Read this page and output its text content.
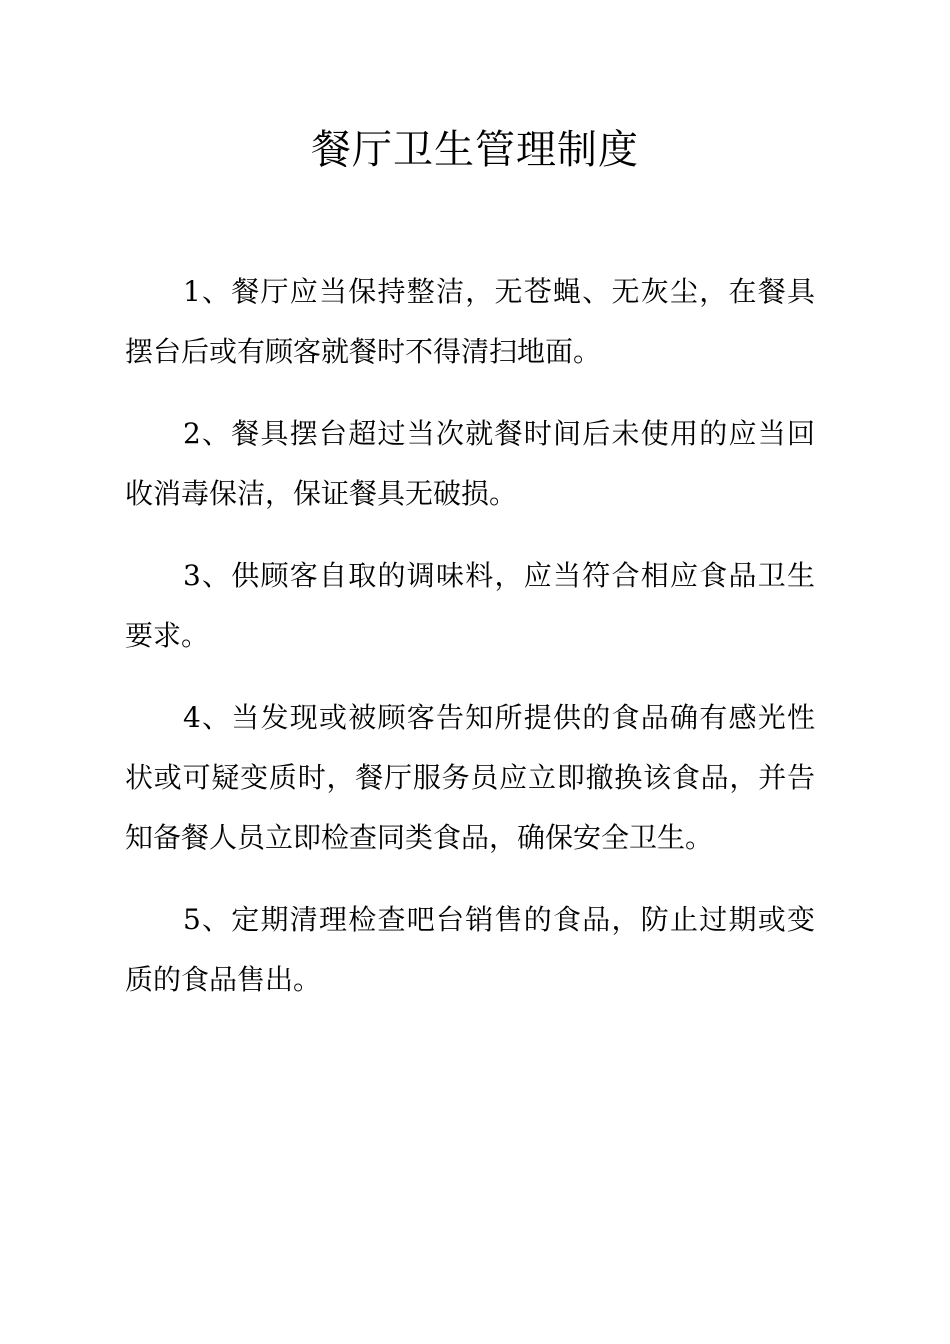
餐厅卫生管理制度

1、餐厅应当保持整洁，无苍蝇、无灰尘，在餐具摆台后或有顾客就餐时不得清扫地面。

2、餐具摆台超过当次就餐时间后未使用的应当回收消毒保洁，保证餐具无破损。

3、供顾客自取的调味料，应当符合相应食品卫生要求。

4、当发现或被顾客告知所提供的食品确有感光性状或可疑变质时，餐厅服务员应立即撤换该食品，并告知备餐人员立即检查同类食品，确保安全卫生。

5、定期清理检查吧台销售的食品，防止过期或变质的食品售出。
